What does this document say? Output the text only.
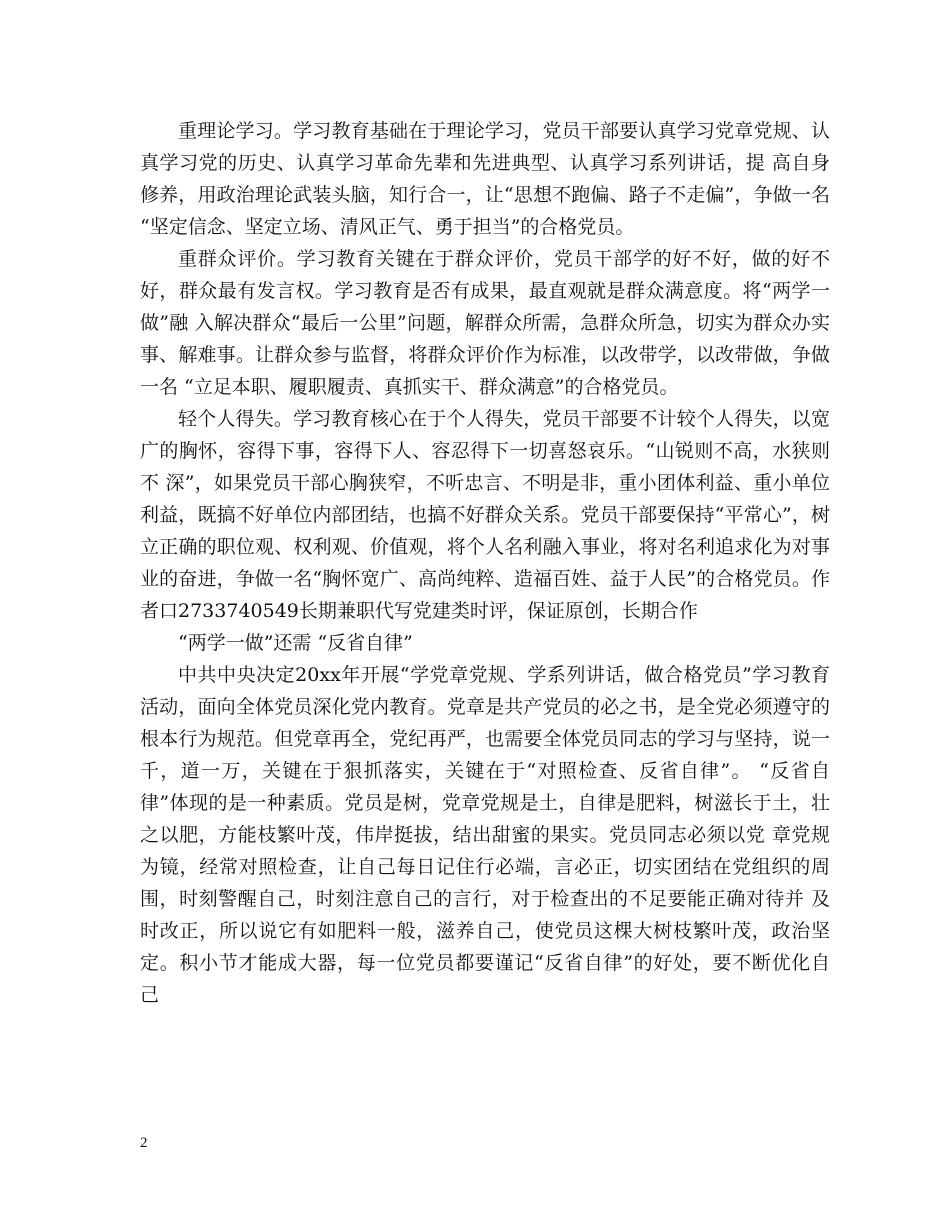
重理论学习。学习教育基础在于理论学习，党员干部要认真学习党章党规、认真学习党的历史、认真学习革命先辈和先进典型、认真学习系列讲话，提 高自身修养，用政治理论武装头脑，知行合一，让“思想不跑偏、路子不走偏”，争做一名 “坚定信念、坚定立场、清风正气、勇于担当”的合格党员。

重群众评价。学习教育关键在于群众评价，党员干部学的好不好，做的好不好，群众最有发言权。学习教育是否有成果，最直观就是群众满意度。将“两学一做”融 入解决群众“最后一公里”问题，解群众所需，急群众所急，切实为群众办实事、解难事。让群众参与监督，将群众评价作为标准，以改带学，以改带做，争做一名 “立足本职、履职履责、真抓实干、群众满意”的合格党员。

轻个人得失。学习教育核心在于个人得失，党员干部要不计较个人得失，以宽广的胸怀，容得下事，容得下人、容忍得下一切喜怒哀乐。“山锐则不高，水狭则不 深”，如果党员干部心胸狭窄，不听忠言、不明是非，重小团体利益、重小单位利益，既搞不好单位内部团结，也搞不好群众关系。党员干部要保持“平常心”，树 立正确的职位观、权利观、价值观，将个人名利融入事业，将对名利追求化为对事业的奋进，争做一名“胸怀宽广、高尚纯粹、造福百姓、益于人民”的合格党员。作者口2733740549长期兼职代写党建类时评，保证原创，长期合作

“两学一做”还需 “反省自律”

中共中央决定20xx年开展“学党章党规、学系列讲话，做合格党员”学习教育活动，面向全体党员深化党内教育。党章是共产党员的必之书，是全党必须遵守的 根本行为规范。但党章再全，党纪再严，也需要全体党员同志的学习与坚持，说一千，道一万，关键在于狠抓落实，关键在于“对照检查、反省自律”。 “反省自律”体现的是一种素质。党员是树，党章党规是土，自律是肥料，树滋长于土，壮之以肥，方能枝繁叶茂，伟岸挺拔，结出甜蜜的果实。党员同志必须以党 章党规为镜，经常对照检查，让自己每日记住行必端，言必正，切实团结在党组织的周围，时刻警醒自己，时刻注意自己的言行，对于检查出的不足要能正确对待并 及时改正，所以说它有如肥料一般，滋养自己，使党员这棵大树枝繁叶茂，政治坚定。积小节才能成大器，每一位党员都要谨记“反省自律”的好处，要不断优化自 己

2
